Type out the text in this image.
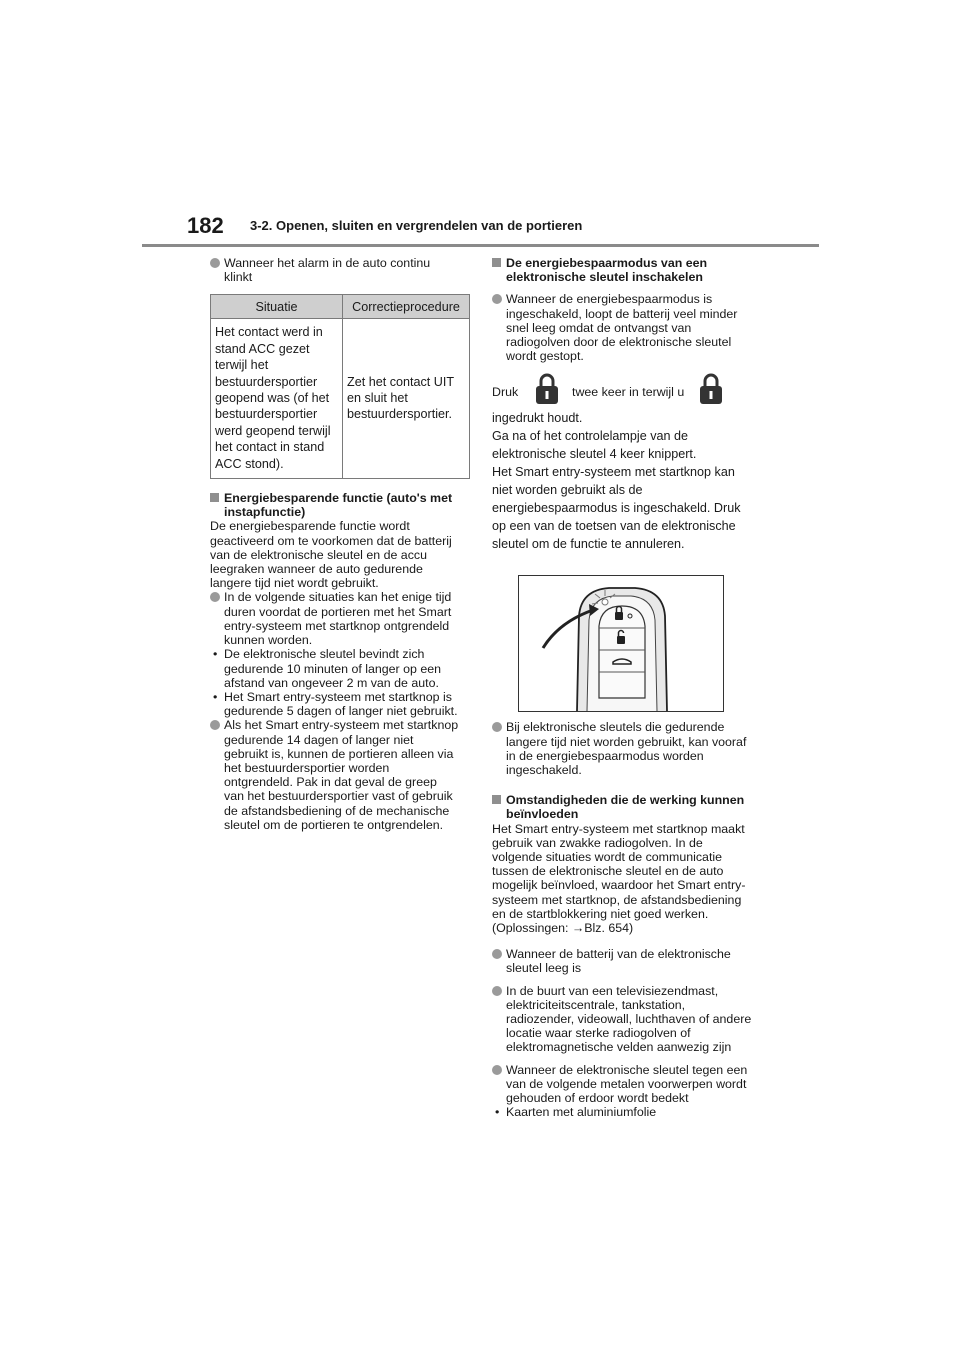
182 3-2. Openen, sluiten en vergrendelen van de portieren
Wanneer het alarm in de auto continu klinkt
Situatie	Correctieprocedure
Het contact werd in stand ACC gezet terwijl het bestuurdersportier geopend was (of het bestuurdersportier werd geopend terwijl het contact in stand ACC stond).	Zet het contact UIT en sluit het bestuurdersportier.
Energiebesparende functie (auto's met instapfunctie)

De energiebesparende functie wordt geactiveerd om te voorkomen dat de batterij van de elektronische sleutel en de accu leegraken wanneer de auto gedurende langere tijd niet wordt gebruikt.

In de volgende situaties kan het enige tijd duren voordat de portieren met het Smart entry-systeem met startknop ontgrendeld kunnen worden.
• De elektronische sleutel bevindt zich gedurende 10 minuten of langer op een afstand van ongeveer 2 m van de auto.
• Het Smart entry-systeem met startknop is gedurende 5 dagen of langer niet gebruikt.
Als het Smart entry-systeem met startknop gedurende 14 dagen of langer niet gebruikt is, kunnen de portieren alleen via het bestuurdersportier worden ontgrendeld. Pak in dat geval de greep van het bestuurdersportier vast of gebruik de afstandsbediening of de mechanische sleutel om de portieren te ontgrendelen.
De energiebespaarmodus van een elektronische sleutel inschakelen
Wanneer de energiebespaarmodus is ingeschakeld, loopt de batterij veel minder snel leeg omdat de ontvangst van radiogolven door de elektronische sleutel wordt gestopt.
Druk	twee keer in terwijl u
ingedrukt houdt.
Ga na of het controlelampje van de elektronische sleutel 4 keer knippert.
Het Smart entry-systeem met startknop kan niet worden gebruikt als de energiebespaarmodus is ingeschakeld. Druk op een van de toetsen van de elektronische sleutel om de functie te annuleren.
Bij elektronische sleutels die gedurende langere tijd niet worden gebruikt, kan vooraf in de energiebespaarmodus worden ingeschakeld.
Omstandigheden die de werking kunnen beïnvloeden

Het Smart entry-systeem met startknop maakt gebruik van zwakke radiogolven. In de volgende situaties wordt de communicatie tussen de elektronische sleutel en de auto mogelijk beïnvloed, waardoor het Smart entry-systeem met startknop, de afstandsbediening en de startblokkering niet goed werken.

(Oplossingen: →Blz. 654)

Wanneer de batterij van de elektronische sleutel leeg is
In de buurt van een televisiezendmast, elektriciteitscentrale, tankstation, radiozender, videowall, luchthaven of andere locatie waar sterke radiogolven of elektromagnetische velden aanwezig zijn
Wanneer de elektronische sleutel tegen een van de volgende metalen voorwerpen wordt gehouden of erdoor wordt bedekt
• Kaarten met aluminiumfolie
